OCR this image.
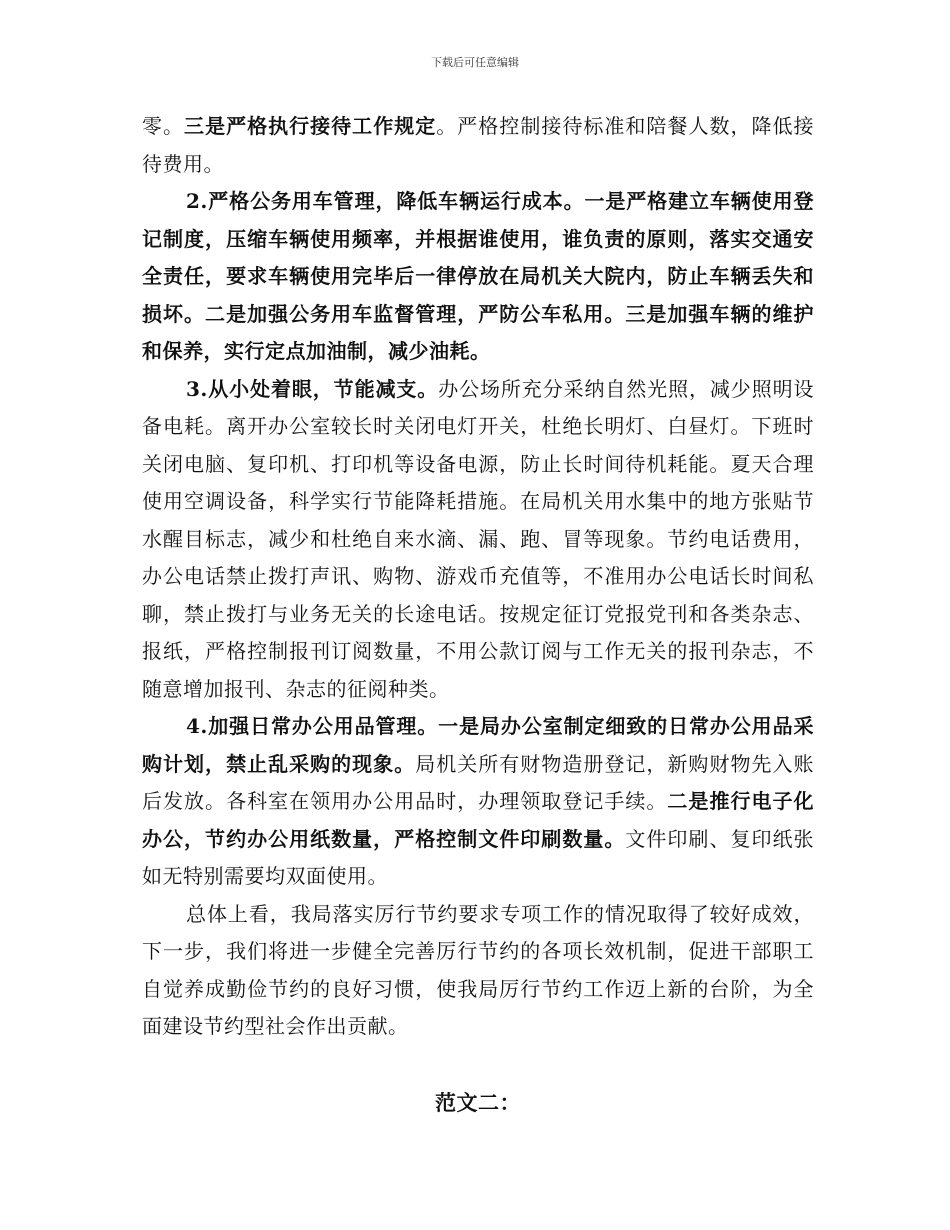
下载后可任意编辑

零。三是严格执行接待工作规定。严格控制接待标准和陪餐人数，降低接待费用。

2.严格公务用车管理，降低车辆运行成本。一是严格建立车辆使用登记制度，压缩车辆使用频率，并根据谁使用，谁负责的原则，落实交通安全责任，要求车辆使用完毕后一律停放在局机关大院内，防止车辆丢失和损坏。二是加强公务用车监督管理，严防公车私用。三是加强车辆的维护和保养，实行定点加油制，减少油耗。

3.从小处着眼，节能减支。办公场所充分采纳自然光照，减少照明设备电耗。离开办公室较长时关闭电灯开关，杜绝长明灯、白昼灯。下班时关闭电脑、复印机、打印机等设备电源，防止长时间待机耗能。夏天合理使用空调设备，科学实行节能降耗措施。在局机关用水集中的地方张贴节水醒目标志，减少和杜绝自来水滴、漏、跑、冒等现象。节约电话费用，办公电话禁止拨打声讯、购物、游戏币充值等，不准用办公电话长时间私聊，禁止拨打与业务无关的长途电话。按规定征订党报党刊和各类杂志、报纸，严格控制报刊订阅数量，不用公款订阅与工作无关的报刊杂志，不随意增加报刊、杂志的征阅种类。

4.加强日常办公用品管理。一是局办公室制定细致的日常办公用品采购计划，禁止乱采购的现象。局机关所有财物造册登记，新购财物先入账后发放。各科室在领用办公用品时，办理领取登记手续。二是推行电子化办公，节约办公用纸数量，严格控制文件印刷数量。文件印刷、复印纸张如无特别需要均双面使用。

总体上看，我局落实厉行节约要求专项工作的情况取得了较好成效，下一步，我们将进一步健全完善厉行节约的各项长效机制，促进干部职工自觉养成勤俭节约的良好习惯，使我局厉行节约工作迈上新的台阶，为全面建设节约型社会作出贡献。

范文二：
